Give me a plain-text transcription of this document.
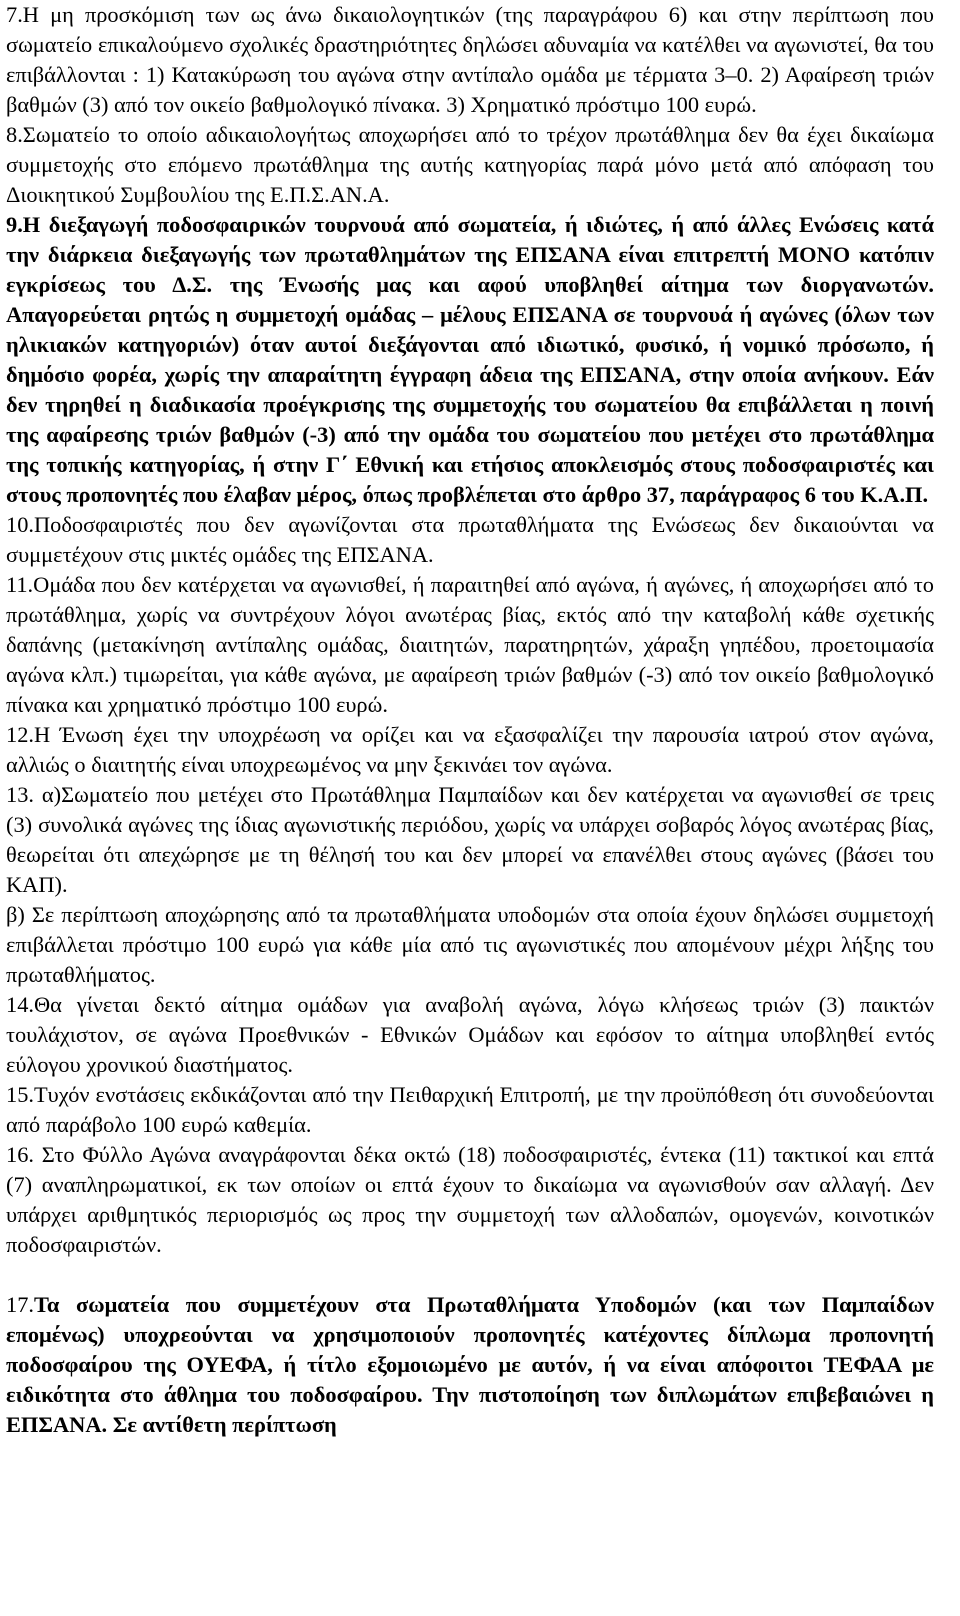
7.Η μη προσκόμιση των ως άνω δικαιολογητικών (της παραγράφου 6) και στην περίπτωση που σωματείο επικαλούμενο σχολικές δραστηριότητες δηλώσει αδυναμία να κατέλθει να αγωνιστεί, θα του επιβάλλονται : 1) Κατακύρωση του αγώνα στην αντίπαλο ομάδα με τέρματα 3–0. 2) Αφαίρεση τριών βαθμών (3) από τον οικείο βαθμολογικό πίνακα. 3) Χρηματικό πρόστιμο 100 ευρώ.

8.Σωματείο το οποίο αδικαιολογήτως αποχωρήσει από το τρέχον πρωτάθλημα δεν θα έχει δικαίωμα συμμετοχής στο επόμενο πρωτάθλημα της αυτής κατηγορίας παρά μόνο μετά από απόφαση του Διοικητικού Συμβουλίου της Ε.Π.Σ.ΑΝ.Α.

9.Η διεξαγωγή ποδοσφαιρικών τουρνουά από σωματεία, ή ιδιώτες, ή από άλλες Ενώσεις κατά την διάρκεια διεξαγωγής των πρωταθλημάτων της ΕΠΣΑΝΑ είναι επιτρεπτή ΜΟΝΟ κατόπιν εγκρίσεως του Δ.Σ. της Ένωσής μας και αφού υποβληθεί αίτημα των διοργανωτών. Απαγορεύεται ρητώς η συμμετοχή ομάδας – μέλους ΕΠΣΑΝΑ σε τουρνουά ή αγώνες (όλων των ηλικιακών κατηγοριών) όταν αυτοί διεξάγονται από ιδιωτικό, φυσικό, ή νομικό πρόσωπο, ή δημόσιο φορέα, χωρίς την απαραίτητη έγγραφη άδεια της ΕΠΣΑΝΑ, στην οποία ανήκουν. Εάν δεν τηρηθεί η διαδικασία προέγκρισης της συμμετοχής του σωματείου θα επιβάλλεται η ποινή της αφαίρεσης τριών βαθμών (-3) από την ομάδα του σωματείου που μετέχει στο πρωτάθλημα της τοπικής κατηγορίας, ή στην Γ΄ Εθνική και ετήσιος αποκλεισμός στους ποδοσφαιριστές και στους προπονητές που έλαβαν μέρος, όπως προβλέπεται στο άρθρο 37, παράγραφος 6 του Κ.Α.Π.

10.Ποδοσφαιριστές που δεν αγωνίζονται στα πρωταθλήματα της Ενώσεως δεν δικαιούνται να συμμετέχουν στις μικτές ομάδες της ΕΠΣΑΝΑ.

11.Ομάδα που δεν κατέρχεται να αγωνισθεί, ή παραιτηθεί από αγώνα, ή αγώνες, ή αποχωρήσει από το πρωτάθλημα, χωρίς να συντρέχουν λόγοι ανωτέρας βίας, εκτός από την καταβολή κάθε σχετικής δαπάνης (μετακίνηση αντίπαλης ομάδας, διαιτητών, παρατηρητών, χάραξη γηπέδου, προετοιμασία αγώνα κλπ.) τιμωρείται, για κάθε αγώνα, με αφαίρεση τριών βαθμών (-3) από τον οικείο βαθμολογικό πίνακα και χρηματικό πρόστιμο 100 ευρώ.

12.Η Ένωση έχει την υποχρέωση να ορίζει και να εξασφαλίζει την παρουσία ιατρού στον αγώνα, αλλιώς ο διαιτητής είναι υποχρεωμένος να μην ξεκινάει τον αγώνα.

13. α)Σωματείο που μετέχει στο Πρωτάθλημα Παμπαίδων και δεν κατέρχεται να αγωνισθεί σε τρεις (3) συνολικά αγώνες της ίδιας αγωνιστικής περιόδου, χωρίς να υπάρχει σοβαρός λόγος ανωτέρας βίας, θεωρείται ότι απεχώρησε με τη θέλησή του και δεν μπορεί να επανέλθει στους αγώνες (βάσει του ΚΑΠ).

β) Σε περίπτωση αποχώρησης από τα πρωταθλήματα υποδομών στα οποία έχουν δηλώσει συμμετοχή επιβάλλεται πρόστιμο 100 ευρώ για κάθε μία από τις αγωνιστικές που απομένουν μέχρι λήξης του πρωταθλήματος.

14.Θα γίνεται δεκτό αίτημα ομάδων για αναβολή αγώνα, λόγω κλήσεως τριών (3) παικτών τουλάχιστον, σε αγώνα Προεθνικών - Εθνικών Ομάδων και εφόσον το αίτημα υποβληθεί εντός εύλογου χρονικού διαστήματος.

15.Τυχόν ενστάσεις εκδικάζονται από την Πειθαρχική Επιτροπή, με την προϋπόθεση ότι συνοδεύονται από παράβολο 100 ευρώ καθεμία.

16. Στο Φύλλο Αγώνα αναγράφονται δέκα οκτώ (18) ποδοσφαιριστές, έντεκα (11) τακτικοί και επτά (7) αναπληρωματικοί, εκ των οποίων οι επτά έχουν το δικαίωμα να αγωνισθούν σαν αλλαγή. Δεν υπάρχει αριθμητικός περιορισμός ως προς την συμμετοχή των αλλοδαπών, ομογενών, κοινοτικών ποδοσφαιριστών.

17.Τα σωματεία που συμμετέχουν στα Πρωταθλήματα Υποδομών (και των Παμπαίδων επομένως) υποχρεούνται να χρησιμοποιούν προπονητές κατέχοντες δίπλωμα προπονητή ποδοσφαίρου της ΟΥΕΦΑ, ή τίτλο εξομοιωμένο με αυτόν, ή να είναι απόφοιτοι ΤΕΦΑΑ με ειδικότητα στο άθλημα του ποδοσφαίρου. Την πιστοποίηση των διπλωμάτων επιβεβαιώνει η ΕΠΣΑΝΑ. Σε αντίθετη περίπτωση
